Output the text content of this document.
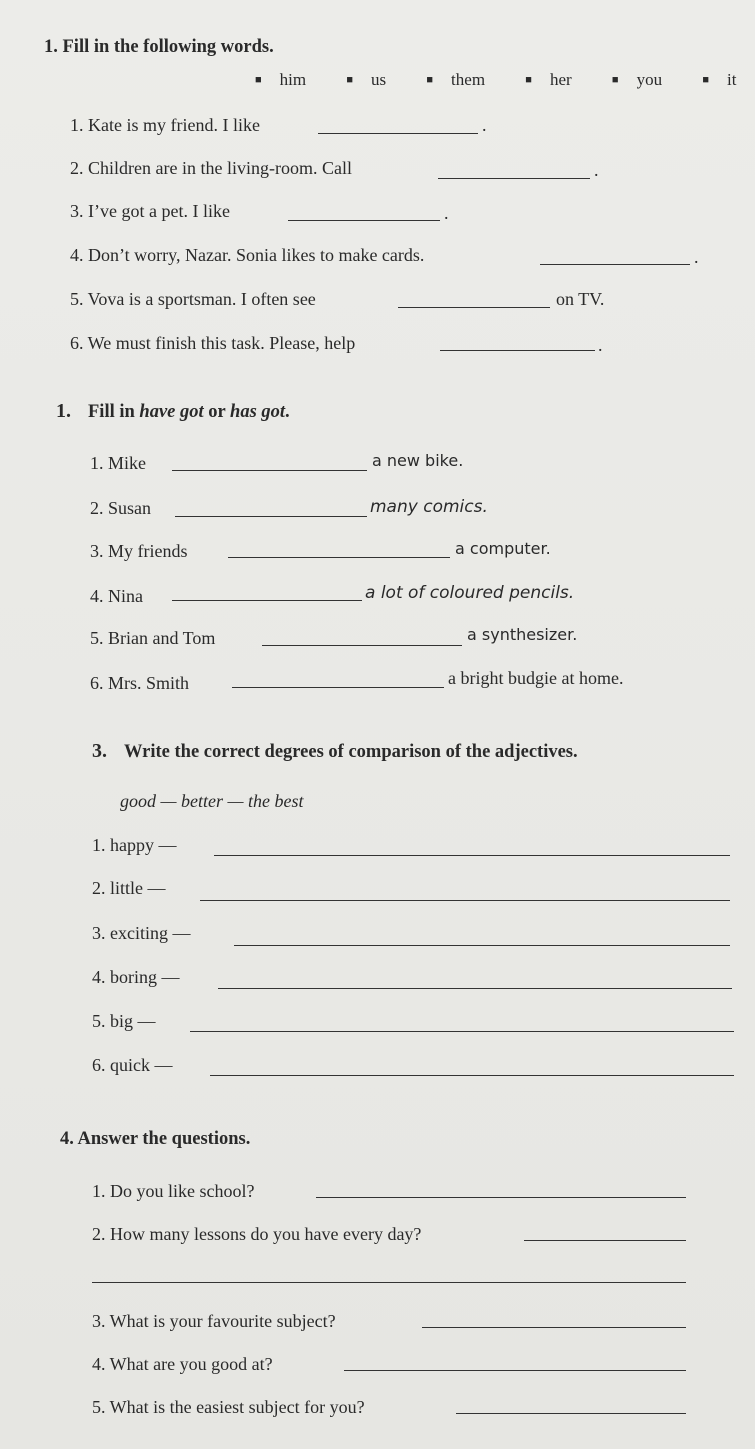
1. Fill in the following words.
■ him	■ us	■ them	■ her	■ you	■ it
1. Kate is my friend. I like	.
2. Children are in the living-room. Call	.
3. I’ve got a pet. I like	.
4. Don’t worry, Nazar. Sonia likes to make cards.	.
5. Vova is a sportsman. I often see	on TV.
6. We must finish this task. Please, help	.
1. Fill in have got or has got.
1. Mike	a new bike.
2. Susan	many comics.
3. My friends	a computer.
4. Nina	a lot of coloured pencils.
5. Brian and Tom	a synthesizer.
6. Mrs. Smith	a bright budgie at home.
3. Write the correct degrees of comparison of the adjectives.
good — better — the best
1. happy —
2. little —
3. exciting —
4. boring —
5. big —
6. quick —
4. Answer the questions.
1. Do you like school?
2. How many lessons do you have every day?
3. What is your favourite subject?
4. What are you good at?
5. What is the easiest subject for you?
